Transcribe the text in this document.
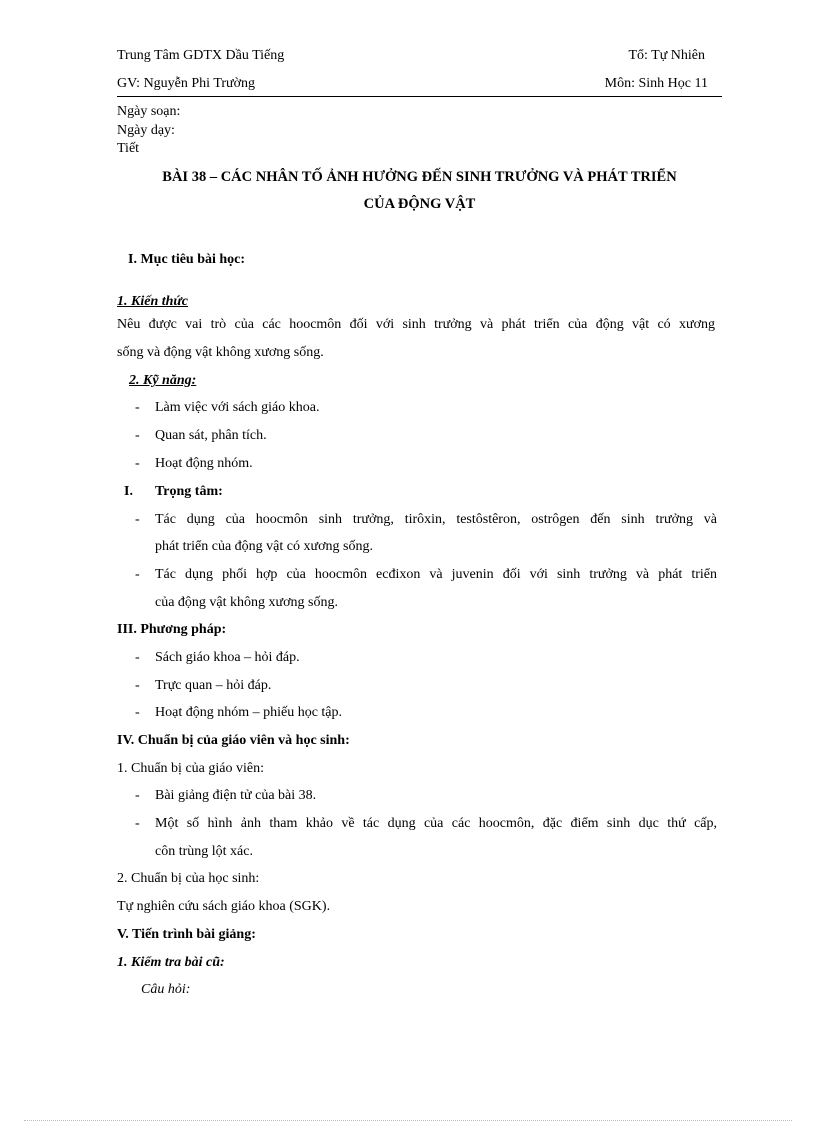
Trung Tâm GDTX Dầu Tiếng	Tổ: Tự Nhiên
GV: Nguyễn Phi Trường	Môn: Sinh Học 11
Ngày soạn:
Ngày dạy:
Tiết
BÀI 38 – CÁC NHÂN TỐ ẢNH HƯỞNG ĐẾN SINH TRƯỞNG VÀ PHÁT TRIỂN
CỦA ĐỘNG VẬT
I. Mục tiêu bài học:
1. Kiến thức
Nêu được vai trò của các hoocmôn đối với sinh trưởng và phát triển của động vật có xương
sống và động vật không xương sống.
2. Kỹ năng:
- Làm việc với sách giáo khoa.
- Quan sát, phân tích.
- Hoạt động nhóm.
I. Trọng tâm:
- Tác dụng của hoocmôn sinh trưởng, tirôxin, testôstêron, ostrôgen đến sinh trưởng và
phát triển của động vật có xương sống.
- Tác dụng phối hợp của hoocmôn ecđixon và juvenin đối với sinh trưởng và phát triển
của động vật không xương sống.
III. Phương pháp:
- Sách giáo khoa – hỏi đáp.
- Trực quan – hỏi đáp.
- Hoạt động nhóm – phiếu học tập.
IV. Chuẩn bị của giáo viên và học sinh:
1. Chuẩn bị của giáo viên:
- Bài giảng điện tử của bài 38.
- Một số hình ảnh tham khảo về tác dụng của các hoocmôn, đặc điểm sinh dục thứ cấp,
côn trùng lột xác.
2. Chuẩn bị của học sinh:
Tự nghiên cứu sách giáo khoa (SGK).
V. Tiến trình bài giảng:
1. Kiểm tra bài cũ:
Câu hỏi:
